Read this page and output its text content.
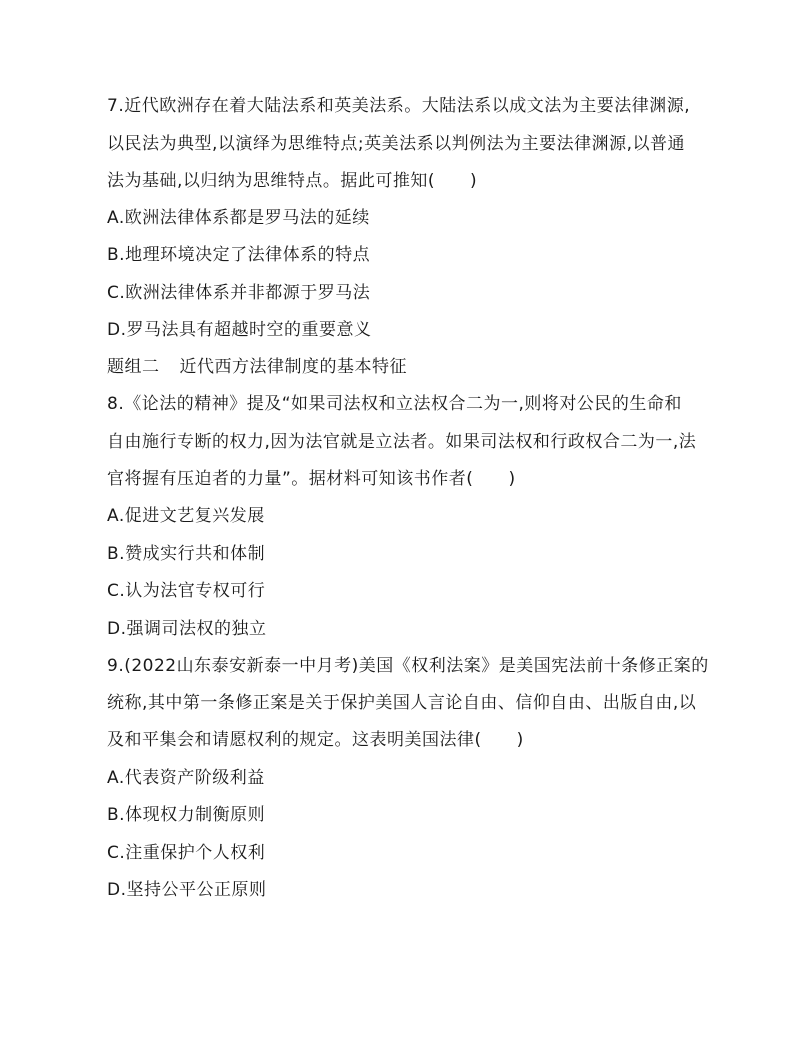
7.近代欧洲存在着大陆法系和英美法系。大陆法系以成文法为主要法律渊源,
以民法为典型,以演绎为思维特点;英美法系以判例法为主要法律渊源,以普通
法为基础,以归纳为思维特点。据此可推知(　　)
A.欧洲法律体系都是罗马法的延续
B.地理环境决定了法律体系的特点
C.欧洲法律体系并非都源于罗马法
D.罗马法具有超越时空的重要意义
题组二 近代西方法律制度的基本特征
8.《论法的精神》提及“如果司法权和立法权合二为一,则将对公民的生命和
自由施行专断的权力,因为法官就是立法者。如果司法权和行政权合二为一,法
官将握有压迫者的力量”。据材料可知该书作者(　　)
A.促进文艺复兴发展
B.赞成实行共和体制
C.认为法官专权可行
D.强调司法权的独立
9.(2022山东泰安新泰一中月考)美国《权利法案》是美国宪法前十条修正案的
统称,其中第一条修正案是关于保护美国人言论自由、信仰自由、出版自由,以
及和平集会和请愿权利的规定。这表明美国法律(　　)
A.代表资产阶级利益
B.体现权力制衡原则
C.注重保护个人权利
D.坚持公平公正原则
